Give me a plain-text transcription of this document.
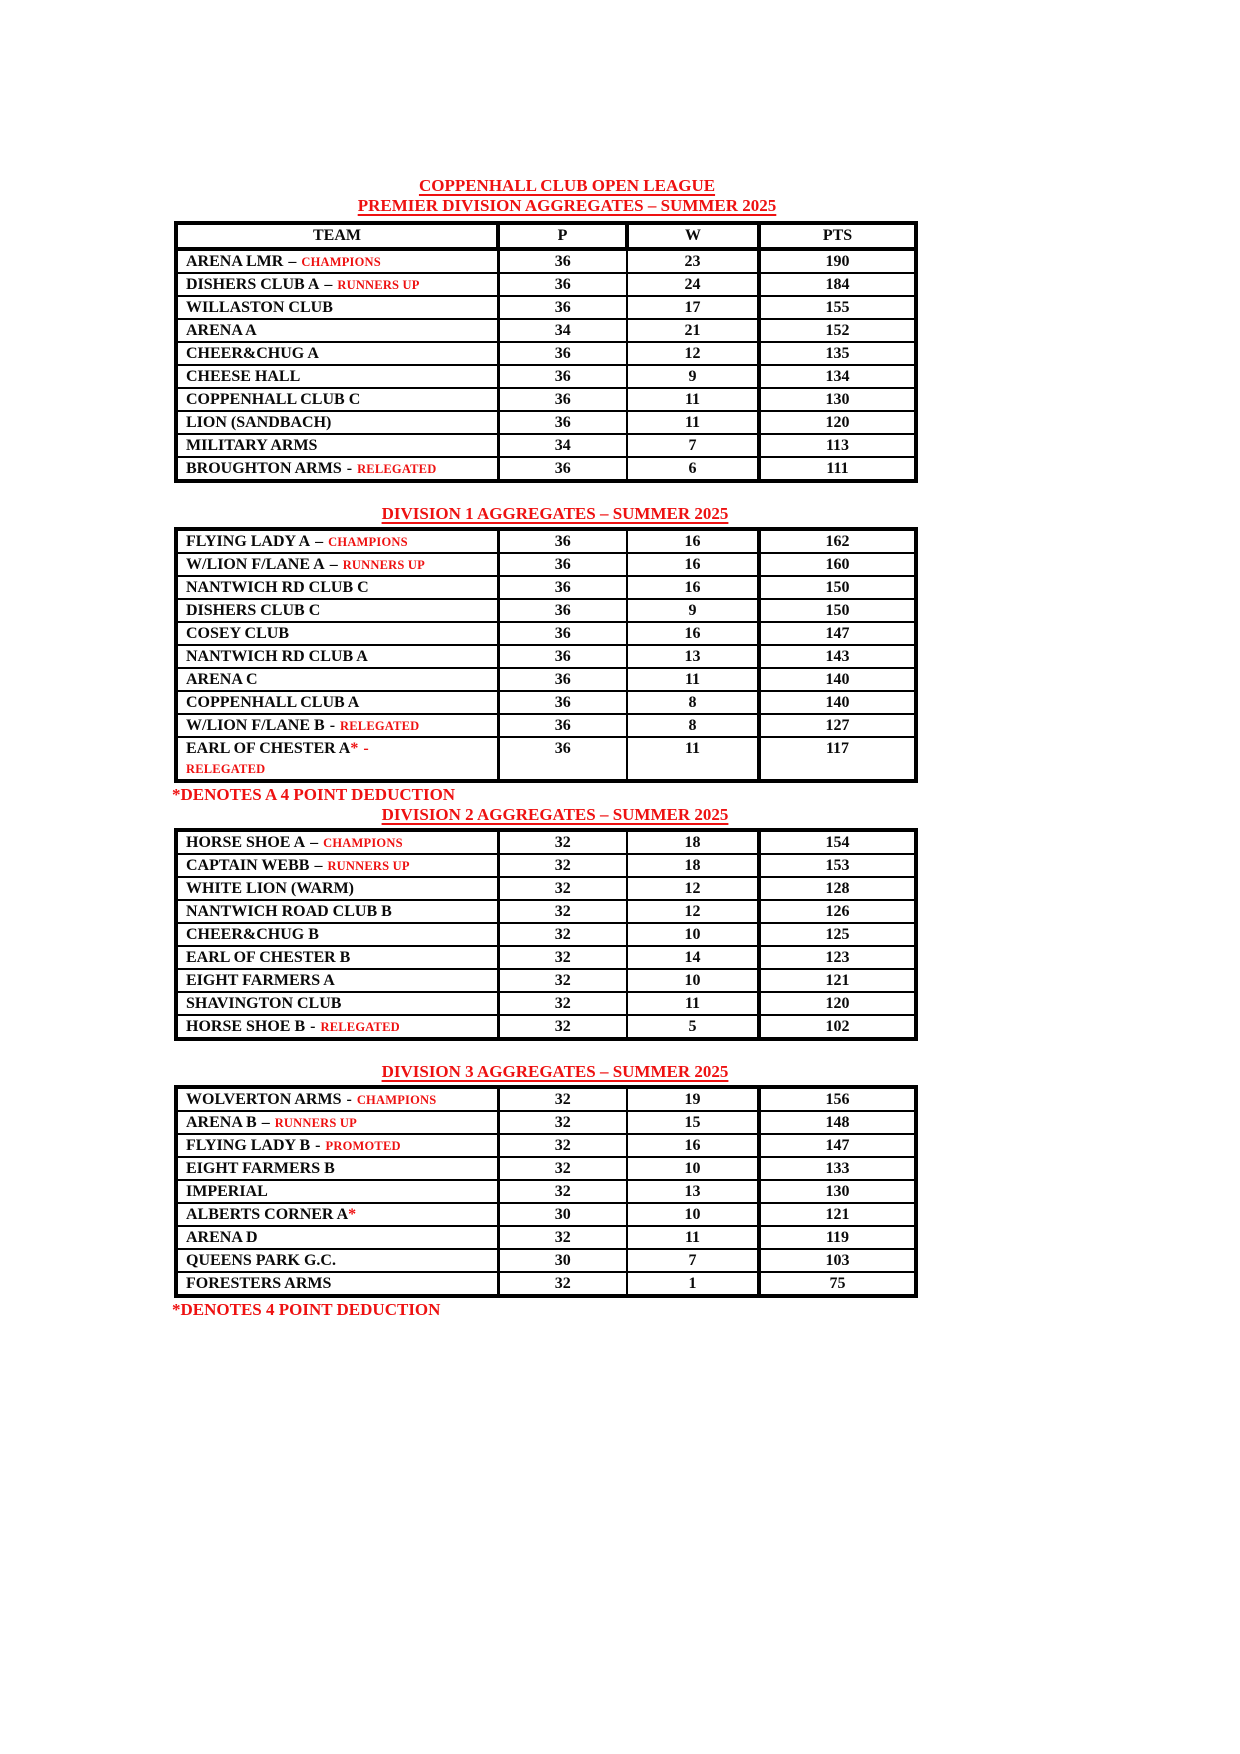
COPPENHALL CLUB OPEN LEAGUE
PREMIER DIVISION AGGREGATES – SUMMER 2025
TEAM	P	W	PTS
ARENA LMR – CHAMPIONS	36	23	190
DISHERS CLUB A – RUNNERS UP	36	24	184
WILLASTON CLUB	36	17	155
ARENA A	34	21	152
CHEER&CHUG A	36	12	135
CHEESE HALL	36	9	134
COPPENHALL CLUB C	36	11	130
LION (SANDBACH)	36	11	120
MILITARY ARMS	34	7	113
BROUGHTON ARMS - RELEGATED	36	6	111
DIVISION 1 AGGREGATES – SUMMER 2025
FLYING LADY A – CHAMPIONS	36	16	162
W/LION F/LANE A – RUNNERS UP	36	16	160
NANTWICH RD CLUB C	36	16	150
DISHERS CLUB C	36	9	150
COSEY CLUB	36	16	147
NANTWICH RD CLUB A	36	13	143
ARENA C	36	11	140
COPPENHALL CLUB A	36	8	140
W/LION F/LANE B - RELEGATED	36	8	127
EARL OF CHESTER A* -
RELEGATED	36	11	117

*DENOTES A 4 POINT DEDUCTION

DIVISION 2 AGGREGATES – SUMMER 2025
HORSE SHOE A – CHAMPIONS	32	18	154
CAPTAIN WEBB – RUNNERS UP	32	18	153
WHITE LION (WARM)	32	12	128
NANTWICH ROAD CLUB B	32	12	126
CHEER&CHUG B	32	10	125
EARL OF CHESTER B	32	14	123
EIGHT FARMERS A	32	10	121
SHAVINGTON CLUB	32	11	120
HORSE SHOE B - RELEGATED	32	5	102
DIVISION 3 AGGREGATES – SUMMER 2025
WOLVERTON ARMS - CHAMPIONS	32	19	156
ARENA B – RUNNERS UP	32	15	148
FLYING LADY B - PROMOTED	32	16	147
EIGHT FARMERS B	32	10	133
IMPERIAL	32	13	130
ALBERTS CORNER A*	30	10	121
ARENA D	32	11	119
QUEENS PARK G.C.	30	7	103
FORESTERS ARMS	32	1	75

*DENOTES 4 POINT DEDUCTION
